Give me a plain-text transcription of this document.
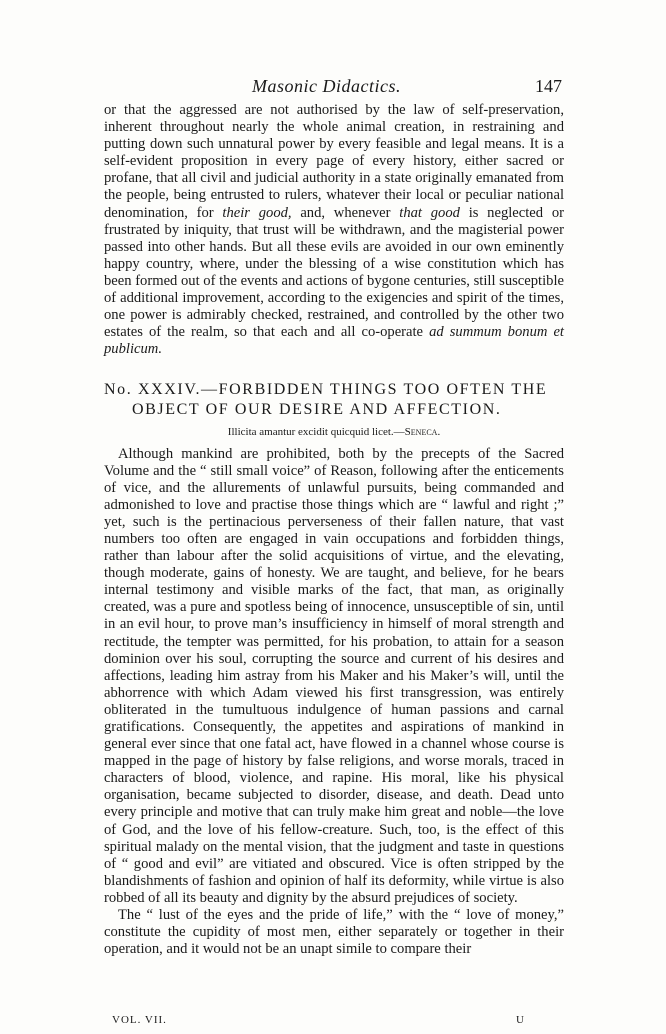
Masonic Didactics.	147

or that the aggressed are not authorised by the law of self-preservation, inherent throughout nearly the whole animal creation, in restraining and putting down such unnatural power by every feasible and legal means. It is a self-evident proposition in every page of every history, either sacred or profane, that all civil and judicial authority in a state originally emanated from the people, being entrusted to rulers, whatever their local or peculiar national denomination, for their good, and, whenever that good is neglected or frustrated by iniquity, that trust will be withdrawn, and the magisterial power passed into other hands. But all these evils are avoided in our own eminently happy country, where, under the blessing of a wise constitution which has been formed out of the events and actions of bygone centuries, still susceptible of additional improvement, according to the exigencies and spirit of the times, one power is admirably checked, restrained, and controlled by the other two estates of the realm, so that each and all co-operate ad summum bonum et publicum.

No. XXXIV.—FORBIDDEN THINGS TOO OFTEN THE
OBJECT OF OUR DESIRE AND AFFECTION.
Illicita amantur excidit quicquid licet.—Seneca.

Although mankind are prohibited, both by the precepts of the Sacred Volume and the “ still small voice” of Reason, following after the enticements of vice, and the allurements of unlawful pursuits, being commanded and admonished to love and practise those things which are “ lawful and right ;” yet, such is the pertinacious perverseness of their fallen nature, that vast numbers too often are engaged in vain occupations and forbidden things, rather than labour after the solid acquisitions of virtue, and the elevating, though moderate, gains of honesty. We are taught, and believe, for he bears internal testimony and visible marks of the fact, that man, as originally created, was a pure and spotless being of innocence, unsusceptible of sin, until in an evil hour, to prove man’s insufficiency in himself of moral strength and rectitude, the tempter was permitted, for his probation, to attain for a season dominion over his soul, corrupting the source and current of his desires and affections, leading him astray from his Maker and his Maker’s will, until the abhorrence with which Adam viewed his first transgression, was entirely obliterated in the tumultuous indulgence of human passions and carnal gratifications. Consequently, the appetites and aspirations of mankind in general ever since that one fatal act, have flowed in a channel whose course is mapped in the page of history by false religions, and worse morals, traced in characters of blood, violence, and rapine. His moral, like his physical organisation, became subjected to disorder, disease, and death. Dead unto every principle and motive that can truly make him great and noble—the love of God, and the love of his fellow-creature. Such, too, is the effect of this spiritual malady on the mental vision, that the judgment and taste in questions of “ good and evil” are vitiated and obscured. Vice is often stripped by the blandishments of fashion and opinion of half its deformity, while virtue is also robbed of all its beauty and dignity by the absurd prejudices of society.

The “ lust of the eyes and the pride of life,” with the “ love of money,” constitute the cupidity of most men, either separately or together in their operation, and it would not be an unapt simile to compare their

VOL. VII.	U
